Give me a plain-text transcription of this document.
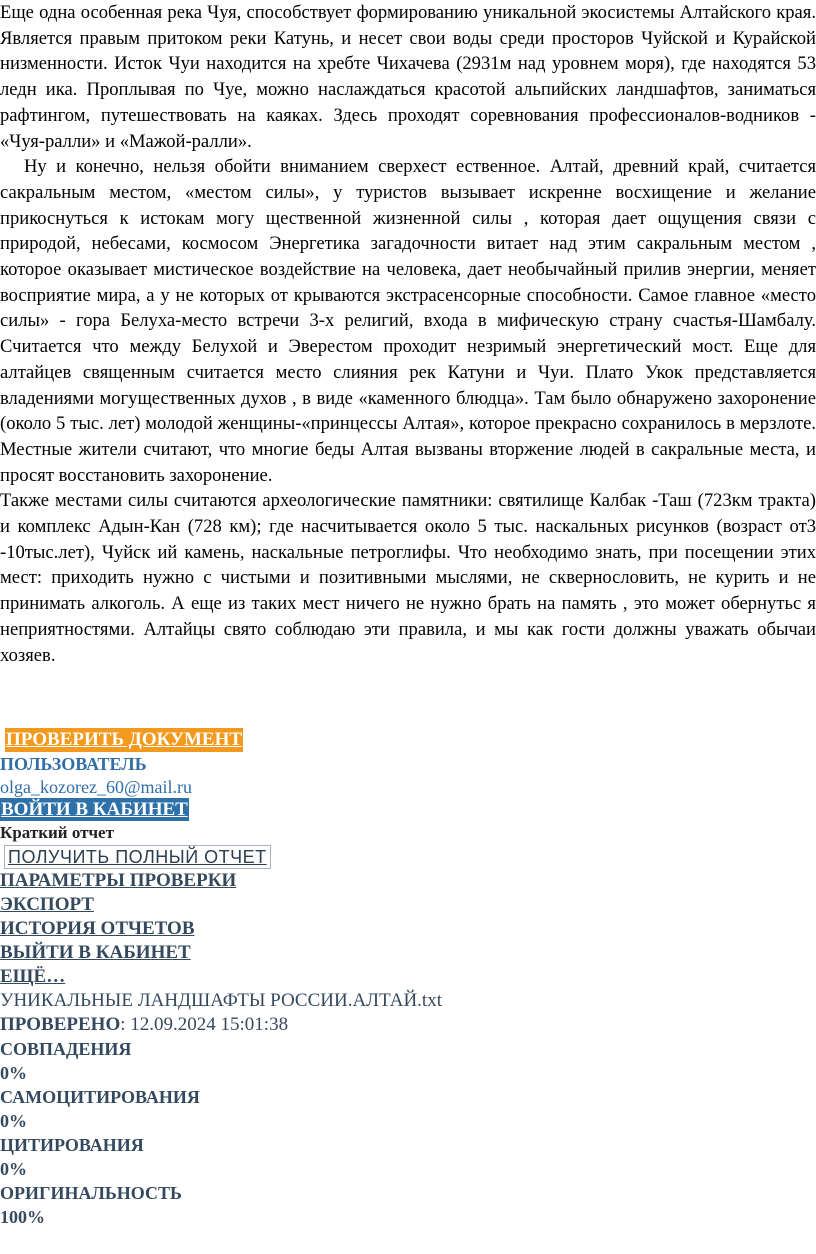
Еще одна особенная река Чуя, способствует формированию уникальной экосистемы Алтайского края. Является правым притоком реки Катунь, и несет свои воды среди просторов Чуйской и Курайской низменности. Исток Чуи находится на хребте Чихачева (2931м над уровнем моря), где находятся 53 ледн ика. Проплывая по Чуе, можно наслаждаться красотой альпийских ландшафтов, заниматься рафтингом, путешествовать на каяках. Здесь проходят соревнования профессионалов-водников - «Чуя-ралли» и «Мажой-ралли».

Ну и конечно, нельзя обойти вниманием сверхест ественное. Алтай, древний край, считается сакральным местом, «местом силы», у туристов вызывает искренне восхищение и желание прикоснуться к истокам могу щественной жизненной силы , которая дает ощущения связи с природой, небесами, космосом Энергетика загадочности витает над этим сакральным местом , которое оказывает мистическое воздействие на человека, дает необычайный прилив энергии, меняет восприятие мира, а у не которых от крываются экстрасенсорные способности. Самое главное «место силы» - гора Белуха-место встречи 3-х религий, входа в мифическую страну счастья-Шамбалу. Считается что между Белухой и Эверестом проходит незримый энергетический мост. Еще для алтайцев священным считается место слияния рек Катуни и Чуи. Плато Укок представляется владениями могущественных духов , в виде «каменного блюдца». Там было обнаружено захоронение (около 5 тыс. лет) молодой женщины-«принцессы Алтая», которое прекрасно сохранилось в мерзлоте. Местные жители считают, что многие беды Алтая вызваны вторжение людей в сакральные места, и просят восстановить захоронение.

Также местами силы считаются археологические памятники: святилище Калбак -Таш (723км тракта) и комплекс Адын-Кан (728 км); где насчитывается около 5 тыс. наскальных рисунков (возраст от3 -10тыс.лет), Чуйск ий камень, наскальные петроглифы. Что необходимо знать, при посещении этих мест: приходить нужно с чистыми и позитивными мыслями, не сквернословить, не курить и не принимать алкоголь. А еще из таких мест ничего не нужно брать на память , это может обернутьс я неприятностями. Алтайцы свято соблюдаю эти правила, и мы как гости должны уважать обычаи хозяев.

ПРОВЕРИТЬ ДОКУМЕНТ
ПОЛЬЗОВАТЕЛЬ
olga_kozorez_60@mail.ru
ВОЙТИ В КАБИНЕТ
Краткий отчет
ПОЛУЧИТЬ ПОЛНЫЙ ОТЧЕТ
ПАРАМЕТРЫ ПРОВЕРКИ
ЭКСПОРТ
ИСТОРИЯ ОТЧЕТОВ
ВЫЙТИ В КАБИНЕТ
ЕЩЁ…
УНИКАЛЬНЫЕ ЛАНДШАФТЫ РОССИИ.АЛТАЙ.txt
ПРОВЕРЕНО: 12.09.2024 15:01:38
СОВПАДЕНИЯ
0%
САМОЦИТИРОВАНИЯ
0%
ЦИТИРОВАНИЯ
0%
ОРИГИНАЛЬНОСТЬ
100%
